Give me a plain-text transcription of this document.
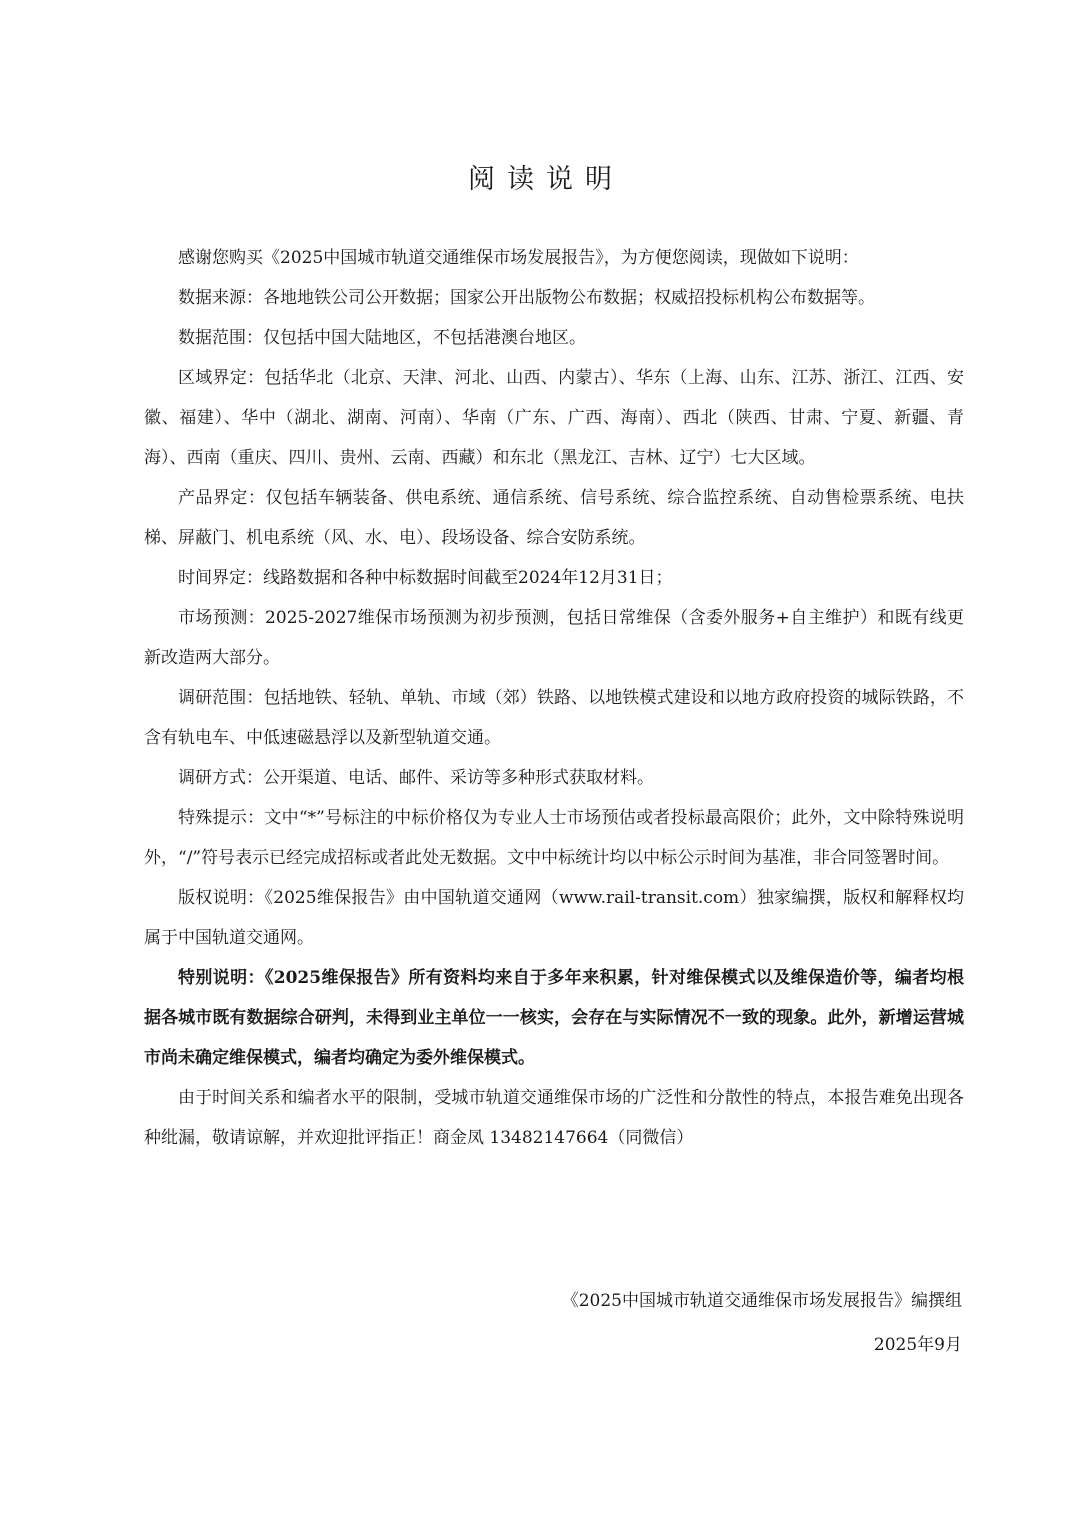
阅读说明

感谢您购买《2025中国城市轨道交通维保市场发展报告》，为方便您阅读，现做如下说明：

数据来源：各地地铁公司公开数据；国家公开出版物公布数据；权威招投标机构公布数据等。

数据范围：仅包括中国大陆地区，不包括港澳台地区。

区域界定：包括华北（北京、天津、河北、山西、内蒙古）、华东（上海、山东、江苏、浙江、江西、安徽、福建）、华中（湖北、湖南、河南）、华南（广东、广西、海南）、西北（陕西、甘肃、宁夏、新疆、青海）、西南（重庆、四川、贵州、云南、西藏）和东北（黑龙江、吉林、辽宁）七大区域。

产品界定：仅包括车辆装备、供电系统、通信系统、信号系统、综合监控系统、自动售检票系统、电扶梯、屏蔽门、机电系统（风、水、电）、段场设备、综合安防系统。

时间界定：线路数据和各种中标数据时间截至2024年12月31日；

市场预测：2025-2027维保市场预测为初步预测，包括日常维保（含委外服务+自主维护）和既有线更新改造两大部分。

调研范围：包括地铁、轻轨、单轨、市域（郊）铁路、以地铁模式建设和以地方政府投资的城际铁路，不含有轨电车、中低速磁悬浮以及新型轨道交通。

调研方式：公开渠道、电话、邮件、采访等多种形式获取材料。

特殊提示：文中“*”号标注的中标价格仅为专业人士市场预估或者投标最高限价；此外，文中除特殊说明外，“/”符号表示已经完成招标或者此处无数据。文中中标统计均以中标公示时间为基准，非合同签署时间。

版权说明：《2025维保报告》由中国轨道交通网（www.rail-transit.com）独家编撰，版权和解释权均属于中国轨道交通网。

特别说明：《2025维保报告》所有资料均来自于多年来积累，针对维保模式以及维保造价等，编者均根据各城市既有数据综合研判，未得到业主单位一一核实，会存在与实际情况不一致的现象。此外，新增运营城市尚未确定维保模式，编者均确定为委外维保模式。

由于时间关系和编者水平的限制，受城市轨道交通维保市场的广泛性和分散性的特点，本报告难免出现各种纰漏，敬请谅解，并欢迎批评指正！商金凤 13482147664（同微信）

《2025中国城市轨道交通维保市场发展报告》编撰组
2025年9月
